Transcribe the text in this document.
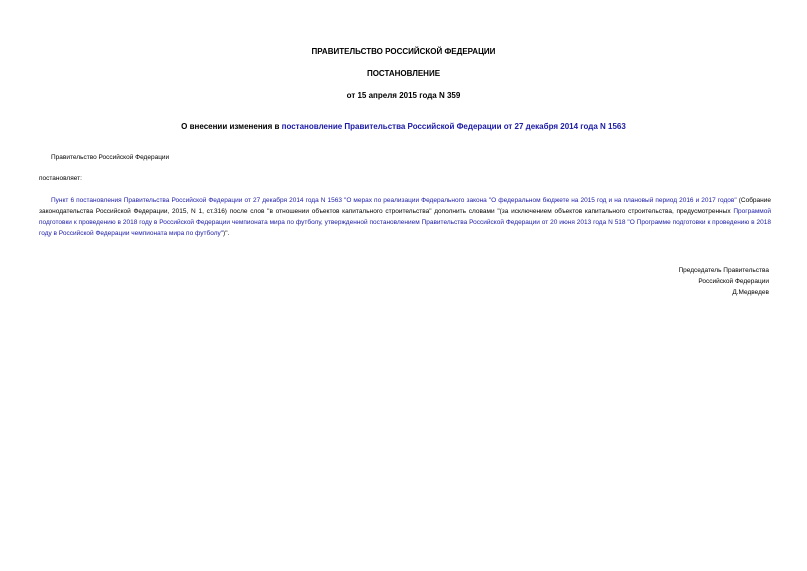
ПРАВИТЕЛЬСТВО РОССИЙСКОЙ ФЕДЕРАЦИИ
ПОСТАНОВЛЕНИЕ
от 15 апреля 2015 года N 359
О внесении изменения в постановление Правительства Российской Федерации от 27 декабря 2014 года N 1563
Правительство Российской Федерации
постановляет:
Пункт 6 постановления Правительства Российской Федерации от 27 декабря 2014 года N 1563 "О мерах по реализации Федерального закона "О федеральном бюджете на 2015 год и на плановый период 2016 и 2017 годов" (Собрание законодательства Российской Федерации, 2015, N 1, ст.316) после слов "в отношении объектов капитального строительства" дополнить словами "(за исключением объектов капитального строительства, предусмотренных Программой подготовки к проведению в 2018 году в Российской Федерации чемпионата мира по футболу, утвержденной постановлением Правительства Российской Федерации от 20 июня 2013 года N 518 "О Программе подготовки к проведению в 2018 году в Российской Федерации чемпионата мира по футболу")".
Председатель Правительства
Российской Федерации
Д.Медведев
